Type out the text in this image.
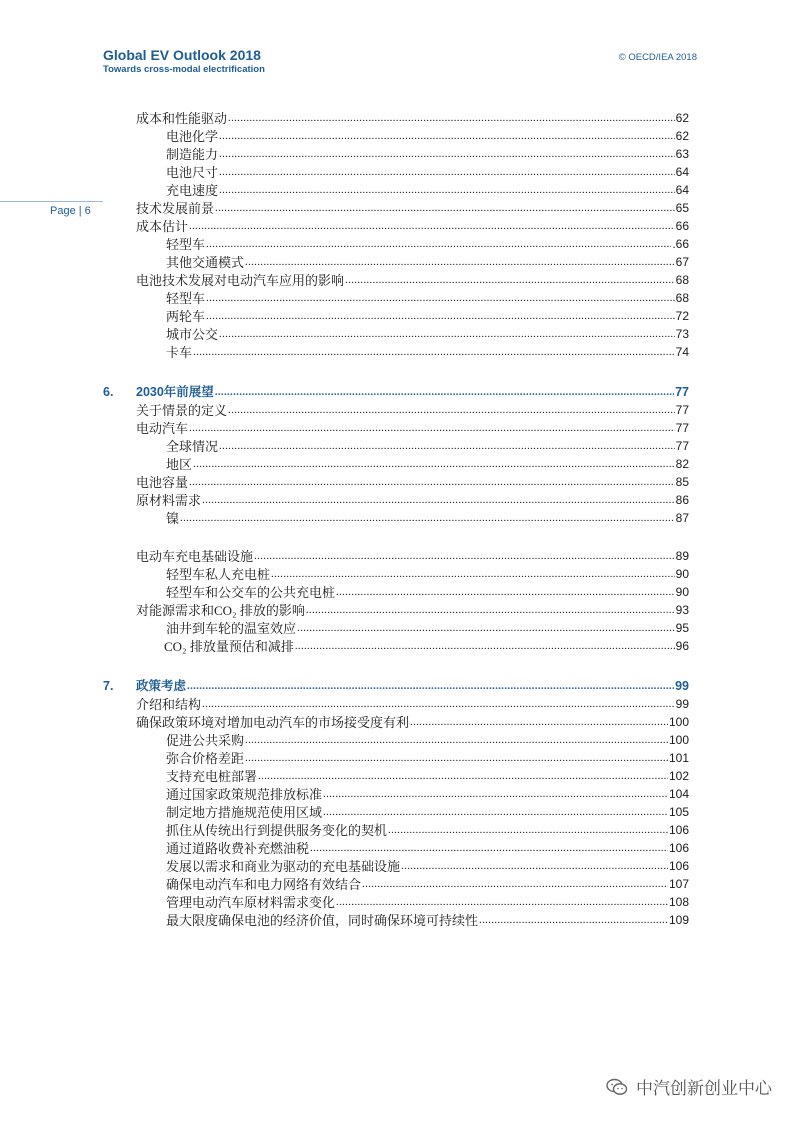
Global EV Outlook 2018
Towards cross-modal electrification
© OECD/IEA 2018
Page | 6
成本和性能驱动 .....	62
电池化学 .....	62
制造能力 .....	63
电池尺寸 .....	64
充电速度 .....	64
技术发展前景 .....	65
成本估计 .....	66
轻型车 .....	.66
其他交通模式 .....	67
电池技术发展对电动汽车应用的影响 .....	68
轻型车 .....	68
两轮车 .....	72
城市公交 .....	73
卡车 .....	74
6.	2030年前展望 .....	77
关于情景的定义 .....	77
电动汽车 .....	77
全球情况 .....	77
地区 .....	82
电池容量 .....	85
原材料需求 .....	86
镍 .....	87
电动车充电基础设施 .....	89
轻型车私人充电桩 .....	90
轻型车和公交车的公共充电桩 .....	90
对能源需求和CO₂ 排放的影响 .....	93
油井到车轮的温室效应 .....	95
CO₂ 排放量预估和减排 .....	96
7.	政策考虑 .....	99
介绍和结构 .....	99
确保政策环境对增加电动汽车的市场接受度有利 .....	100
促进公共采购 .....	100
弥合价格差距 .....	101
支持充电桩部署 .....	102
通过国家政策规范排放标准 .....	104
制定地方措施规范使用区域 .....	105
抓住从传统出行到提供服务变化的契机 .....	106
通过道路收费补充燃油税 .....	106
发展以需求和商业为驱动的充电基础设施 .....	106
确保电动汽车和电力网络有效结合 .....	107
管理电动汽车原材料需求变化 .....	108
最大限度确保电池的经济价值，同时确保环境可持续性 .....	109
中汽创新创业中心
